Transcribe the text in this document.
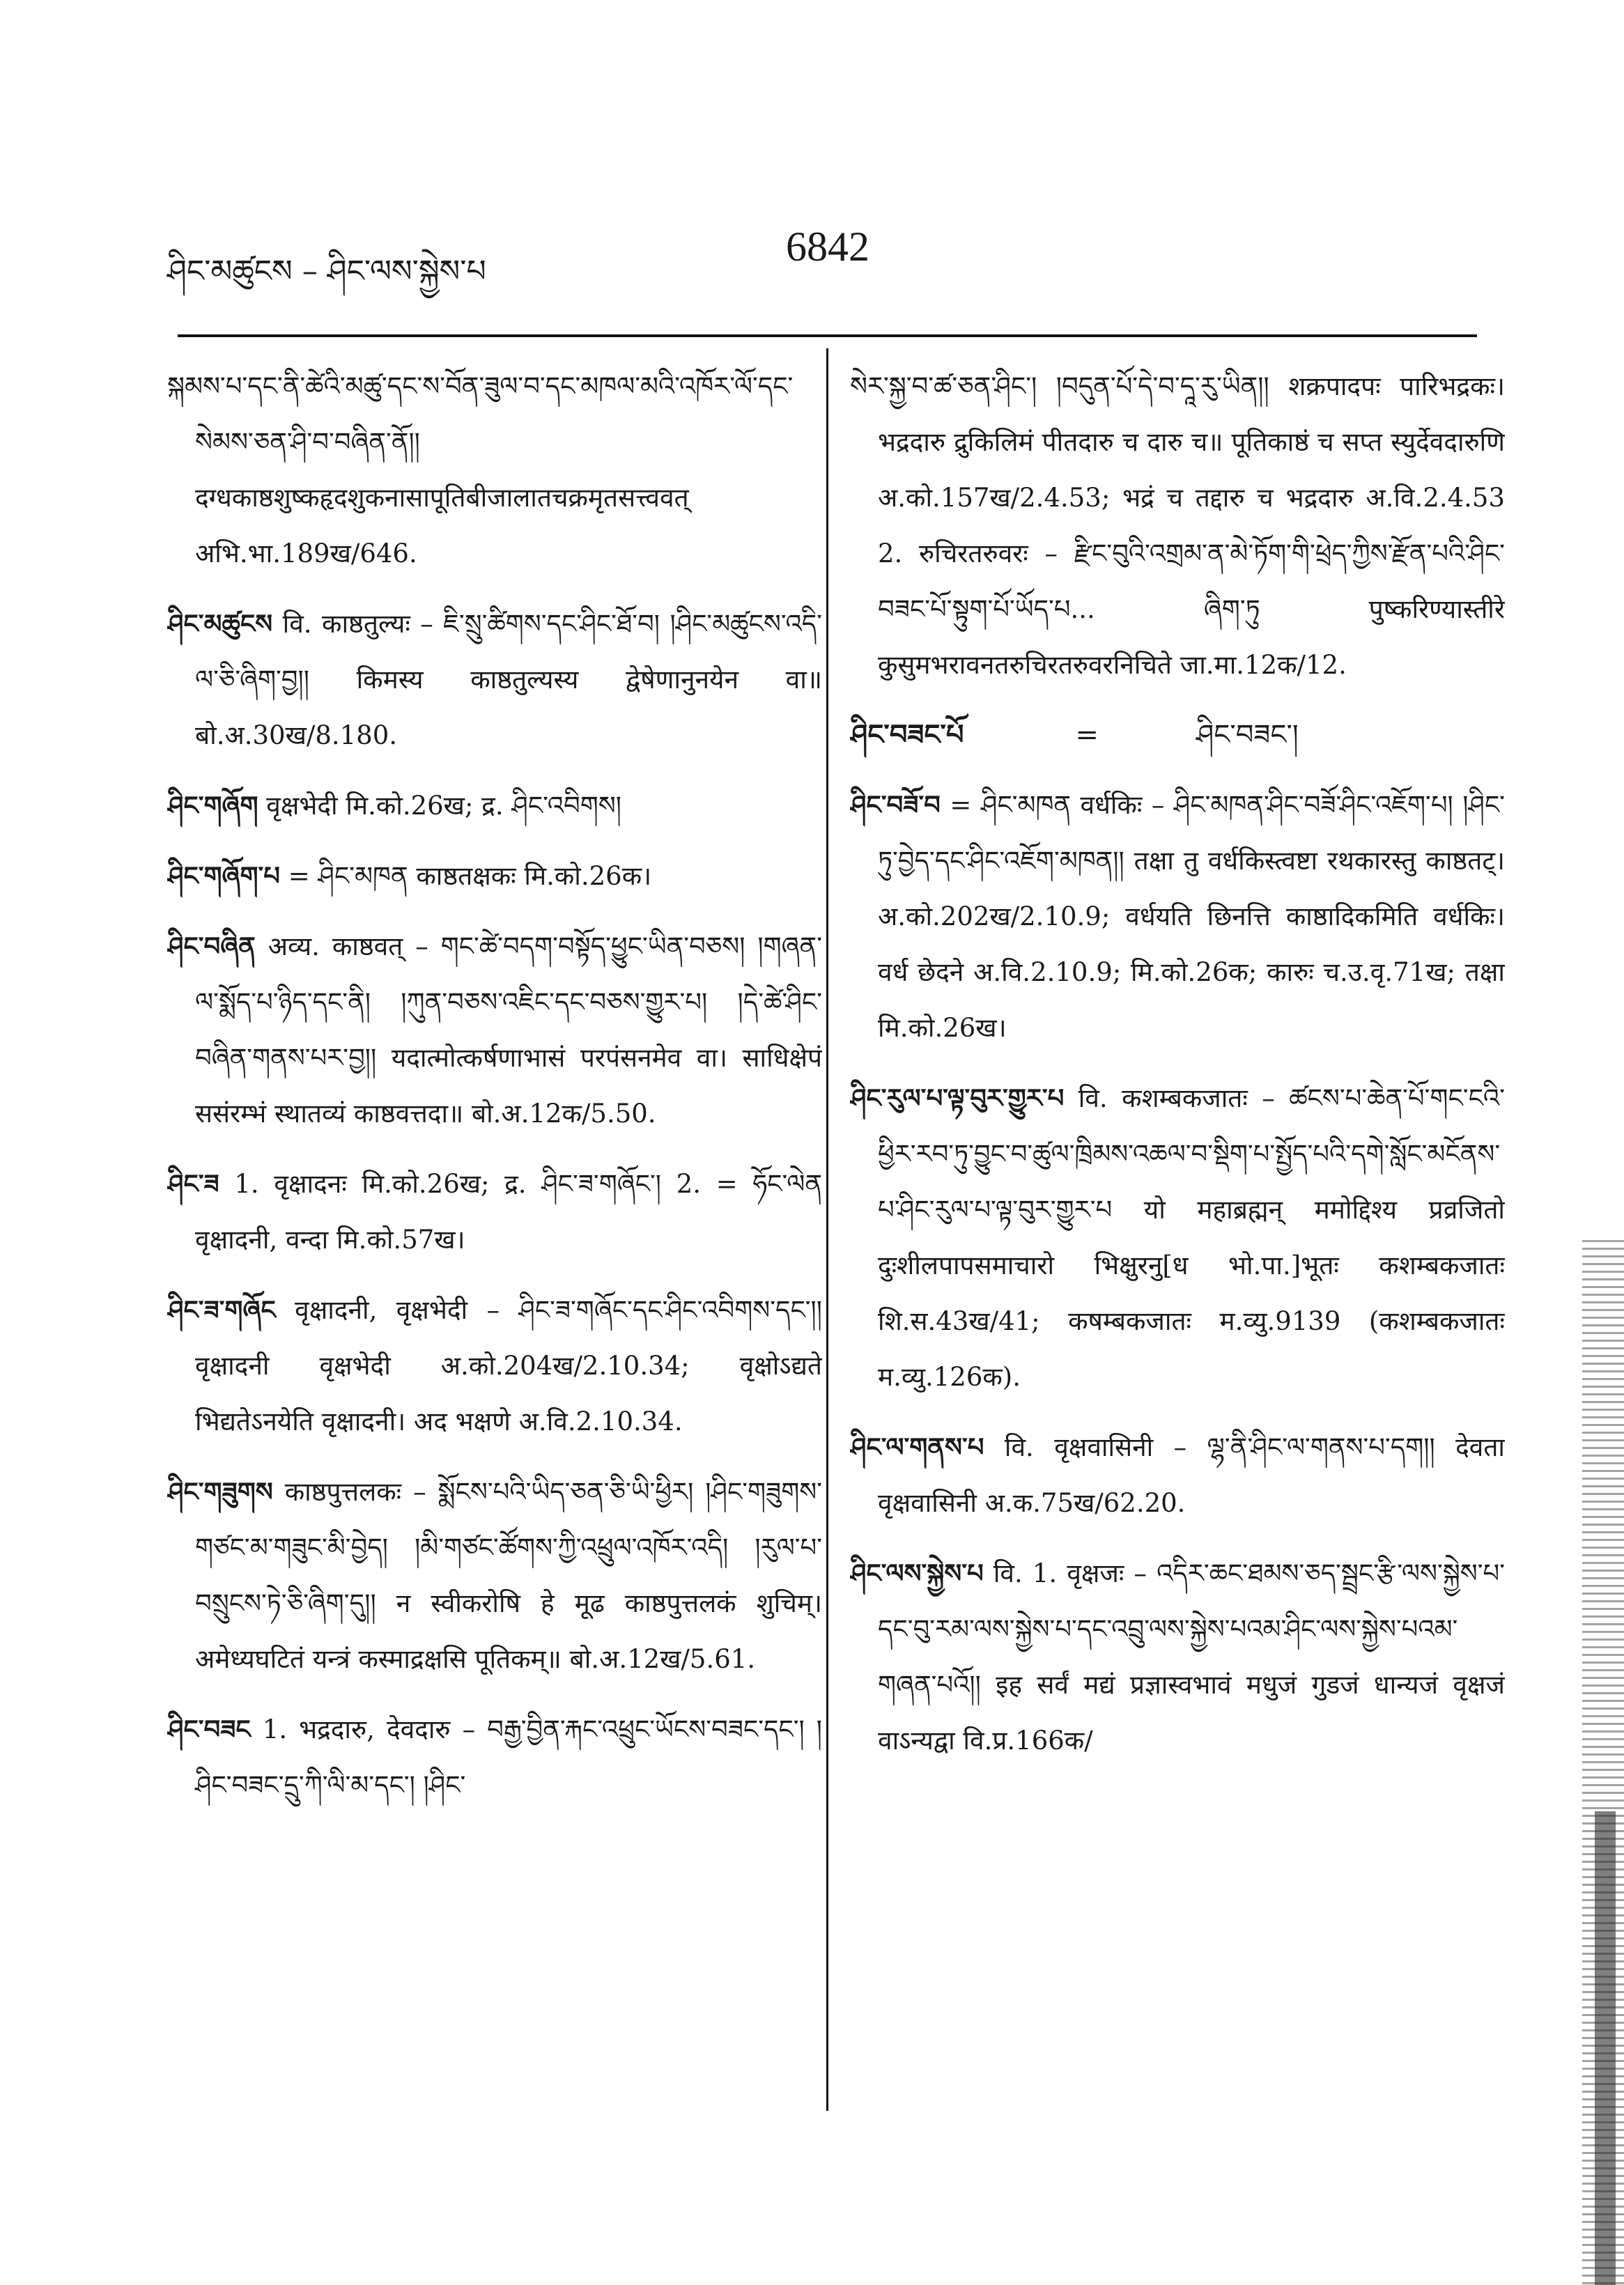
ཤིང་མཚུངས – ཤིང་ལས་སྐྱེས་པ
6842

སྐམས་པ་དང་ནི་ཚེའི་མཚུ་དང་ས་བོན་ཟུལ་བ་དང་མཁལ་མའི་འཁོར་ལོ་དང་སེམས་ཅན་ཤི་བ་བཞིན་ནོ།། दग्धकाष्ठशुष्कहृदशुकनासापूतिबीजालातचक्रमृतसत्त्ववत् अभि.भा.189ख/646.

ཤིང་མཚུངས वि. काष्ठतुल्यः – ཇི་སྲུ་ཚིགས་དང་ཤིང་ཐོ་བ། །ཤིང་མཚུངས་འདི་ལ་ཅི་ཞིག་བྱ།། किमस्य काष्ठतुल्यस्य द्वेषेणानुनयेन वा॥ बो.अ.30ख/8.180.

ཤིང་གཞོག वृक्षभेदी मि.को.26ख; द्र. ཤིང་འབིགས།

ཤིང་གཞོག་པ = ཤིང་མཁན काष्ठतक्षकः मि.को.26क।

ཤིང་བཞིན अव्य. काष्ठवत् – གང་ཚེ་བདག་བསྟོད་ཕྱུང་ཡིན་བཅས། །གཞན་ལ་སྨོད་པ་ཉིད་དང་ནི། །ཀུན་བཅས་འཇིང་དང་བཅས་གྱུར་པ། །དེ་ཚེ་ཤིང་བཞིན་གནས་པར་བྱ།། यदात्मोत्कर्षणाभासं परपंसनमेव वा। साधिक्षेपं ससंरम्भं स्थातव्यं काष्ठवत्तदा॥ बो.अ.12क/5.50.

ཤིང་ཟ 1. वृक्षादनः मि.को.26ख; द्र. ཤིང་ཟ་གཞོང་། 2. = ཧོང་ལེན वृक्षादनी, वन्दा मि.को.57ख।

ཤིང་ཟ་གཞོང वृक्षादनी, वृक्षभेदी – ཤིང་ཟ་གཞོང་དང་ཤིང་འབིགས་དང་།། वृक्षादनी वृक्षभेदी अ.को.204ख/2.10.34; वृक्षोऽद्यते भिद्यतेऽनयेति वृक्षादनी। अद भक्षणे अ.वि.2.10.34.

ཤིང་གཟུགས काष्ठपुत्तलकः – སྨོངས་པའི་ཡིད་ཅན་ཅི་ཡི་ཕྱིར། །ཤིང་གཟུགས་གཙང་མ་གཟུང་མི་བྱེད། །མི་གཙང་ཚོགས་ཀྱི་འཕྲུལ་འཁོར་འདི། །རུལ་པ་བསྲུངས་ཏེ་ཅི་ཞིག་དུ།། न स्वीकरोषि हे मूढ काष्ठपुत्तलकं शुचिम्। अमेध्यघटितं यन्त्रं कस्माद्रक्षसि पूतिकम्॥ बो.अ.12ख/5.61.

ཤིང་བཟང 1. भद्रदारु, देवदारु – བརྒྱ་བྱིན་རྐང་འཕྲུང་ཡོངས་བཟང་དང་། །ཤིང་བཟང་དྲུ་ཀི་ལི་མ་དང་། །ཤིང་

སེར་སྐྱ་བ་ཚ་ཅན་ཤིང་། །བདུན་པོ་དེ་བ་དཱ་རུ་ཡིན།། शक्रपादपः पारिभद्रकः। भद्रदारु द्रुकिलिमं पीतदारु च दारु च॥ पूतिकाष्ठं च सप्त स्युर्देवदारुणि अ.को.157ख/2.4.53; भद्रं च तद्दारु च भद्रदारु अ.वि.2.4.53 2. रुचिरतरुवरः – རྫིང་བུའི་འགྲམ་ན་མེ་ཏོག་གི་ཕྲེད་ཀྱིས་རྫོན་པའི་ཤིང་བཟང་པོ་སྟུག་པོ་ཡོད་པ... ཞིག་ཏུ पुष्करिण्यास्तीरे कुसुमभरावनतरुचिरतरुवरनिचिते जा.मा.12क/12.

ཤིང་བཟང་པོ	=	ཤིང་བཟང་།

ཤིང་བཟོ་བ = ཤིང་མཁན वर्धकिः – ཤིང་མཁན་ཤིང་བཟོ་ཤིང་འཇོག་པ། །ཤིང་ཏུ་བྱེད་དང་ཤིང་འཇོག་མཁན།། तक्षा तु वर्धकिस्त्वष्टा रथकारस्तु काष्ठतट्। अ.को.202ख/2.10.9; वर्धयति छिनत्ति काष्ठादिकमिति वर्धकिः। वर्ध छेदने अ.वि.2.10.9; मि.को.26क; कारुः च.उ.वृ.71ख; तक्षा मि.को.26ख।

ཤིང་རུལ་པ་ལྟ་བུར་གྱུར་པ वि. कशम्बकजातः – ཚངས་པ་ཆེན་པོ་གང་ངའི་ཕྱིར་རབ་ཏུ་བྱུང་བ་ཚུལ་ཁྲིམས་འཆལ་བ་སྡིག་པ་སྤྱོད་པའི་དགེ་སློང་མངོནས་པ་ཤིང་རུལ་པ་ལྟ་བུར་གྱུར་པ यो महाब्रह्मन् ममोद्दिश्य प्रव्रजितो दुःशीलपापसमाचारो भिक्षुरनु[ध भो.पा.]भूतः कशम्बकजातः शि.स.43ख/41; कषम्बकजातः म.व्यु.9139 (कशम्बकजातः म.व्यु.126क).

ཤིང་ལ་གནས་པ वि. वृक्षवासिनी – ལྷ་ནི་ཤིང་ལ་གནས་པ་དག།། देवता वृक्षवासिनी अ.क.75ख/62.20.

ཤིང་ལས་སྐྱེས་པ वि. 1. वृक्षजः – འདིར་ཆང་ཐམས་ཅད་སྦྲང་རྩི་ལས་སྐྱེས་པ་དང་བུ་རམ་ལས་སྐྱེས་པ་དང་འབྲུ་ལས་སྐྱེས་པའམ་ཤིང་ལས་སྐྱེས་པའམ་གཞན་པའོ།། इह सर्वं मद्यं प्रज्ञास्वभावं मधुजं गुडजं धान्यजं वृक्षजं वाऽन्यद्वा वि.प्र.166क/
